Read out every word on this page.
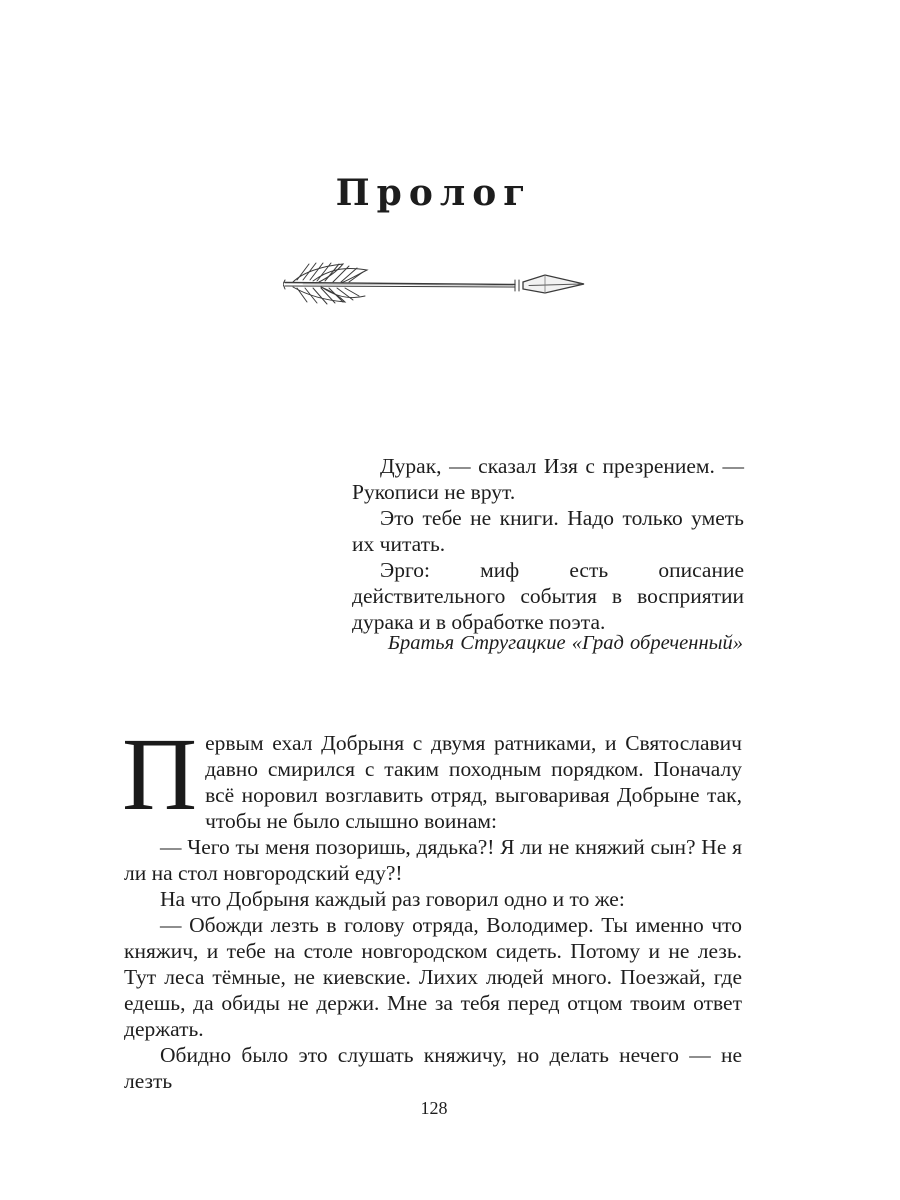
Пролог

Дурак, — сказал Изя с презрением. — Рукописи не врут.

Это тебе не книги. Надо только уметь их читать.

Эрго: миф есть описание действительного события в восприятии дурака и в обработке поэта.

Братья Стругацкие «Град обреченный»

Первым ехал Добрыня с двумя ратниками, и Святославич давно смирился с таким походным порядком. Поначалу всё норовил возглавить отряд, выговаривая Добрыне так, чтобы не было слышно воинам:

— Чего ты меня позоришь, дядька?! Я ли не княжий сын? Не я ли на стол новгородский еду?!

На что Добрыня каждый раз говорил одно и то же:

— Обожди лезть в голову отряда, Володимер. Ты именно что княжич, и тебе на столе новгородском сидеть. Потому и не лезь. Тут леса тёмные, не киевские. Лихих людей много. Поезжай, где едешь, да обиды не держи. Мне за тебя перед отцом твоим ответ держать.

Обидно было это слушать княжичу, но делать нечего — не лезть

128
